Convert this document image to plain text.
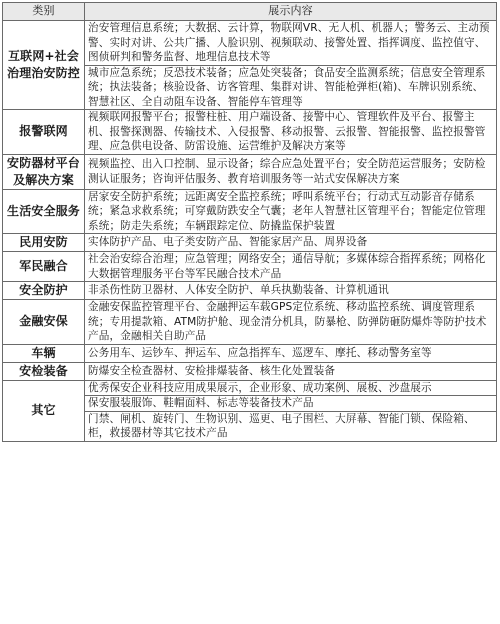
类别	展示内容
互联网+社会治理治安防控	治安管理信息系统；大数据、云计算，物联网VR、无人机、机器人；警务云、主动预警、实时对讲、公共广播、人脸识别、视频联动、接警处置、指挥调度、监控值守、图侦研判和警务监督、地理信息技术等
	城市应急系统；反恐技术装备；应急处突装备；食品安全监测系统；信息安全管理系统；执法装备；核验设备、访客管理、集群对讲、智能枪弹柜(箱)、车牌识别系统、智慧社区、全自动阻车设备、智能停车管理等
报警联网	视频联网报警平台；报警柱桩、用户端设备、接警中心、管理软件及平台、报警主机、报警探测器、传输技术、入侵报警、移动报警、云报警、智能报警、监控报警管理、应急供电设备、防雷设施、运营维护及解决方案等
安防器材平台及解决方案	视频监控、出入口控制、显示设备；综合应急处置平台；安全防范运营服务；安防检测认证服务；咨询评估服务、教育培训服务等一站式安保解决方案
生活安全服务	居家安全防护系统；远距离安全监控系统；呼叫系统平台；行动式互动影音存储系统；紧急求救系统；可穿戴防跌安全气囊；老年人智慧社区管理平台；智能定位管理系统；防走失系统；车辆跟踪定位、防撬监保护装置
民用安防	实体防护产品、电子类安防产品、智能家居产品、周界设备
军民融合	社会治安综合治理；应急管理；网络安全；通信导航；多媒体综合指挥系统；网格化大数据管理服务平台等军民融合技术产品
安全防护	非杀伤性防卫器材、人体安全防护、单兵执勤装备、计算机通讯
金融安保	金融安保监控管理平台、金融押运车载GPS定位系统、移动监控系统、调度管理系统；专用提款箱、ATM防护舱、现金清分机具，防暴枪、防弹防砸防爆炸等防护技术产品，金融相关自助产品
车辆	公务用车、运钞车、押运车、应急指挥车、巡逻车、摩托、移动警务室等
安检装备	防爆安全检查器材、安检排爆装备、核生化处置装备
其它	优秀保安企业科技应用成果展示，企业形象、成功案例、展板、沙盘展示
	保安服装服饰、鞋帽面料、标志等装备技术产品
	门禁、闸机、旋转门、生物识别、巡更、电子围栏、大屏幕、智能门锁、保险箱、柜，救援器材等其它技术产品
